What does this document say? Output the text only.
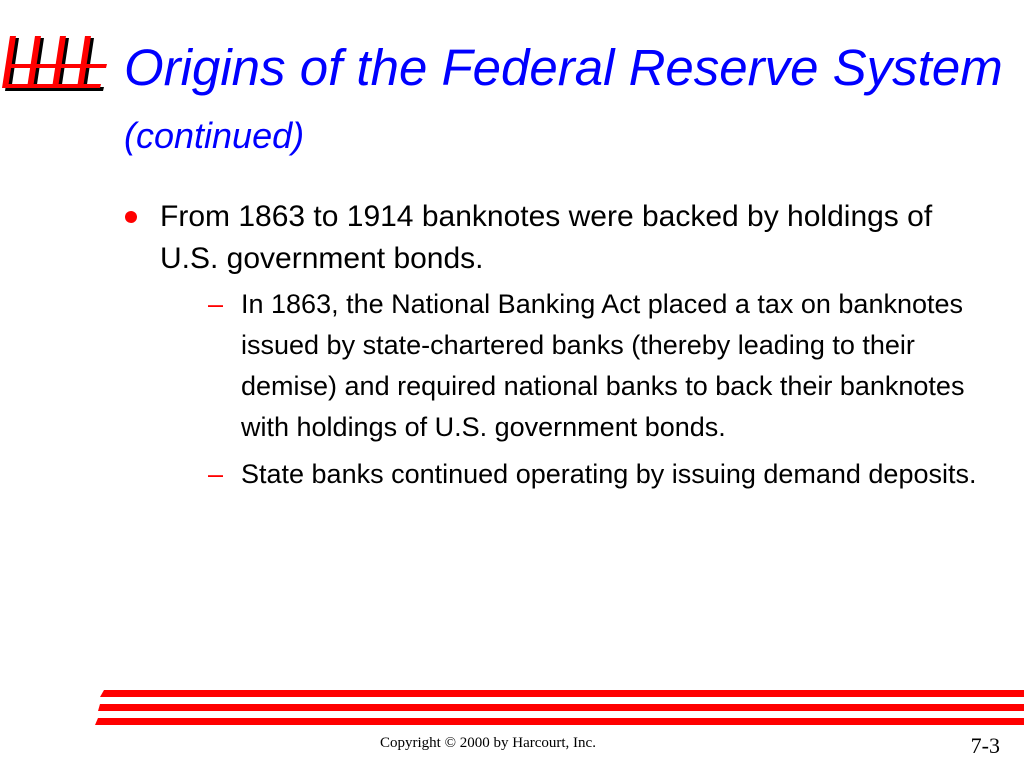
Origins of the Federal Reserve System (continued)
From 1863 to 1914 banknotes were backed by holdings of U.S. government bonds.
– In 1863, the National Banking Act placed a tax on banknotes issued by state-chartered banks (thereby leading to their demise) and required national banks to back their banknotes with holdings of U.S. government bonds.
– State banks continued operating by issuing demand deposits.
Copyright © 2000 by Harcourt, Inc.	7-3
